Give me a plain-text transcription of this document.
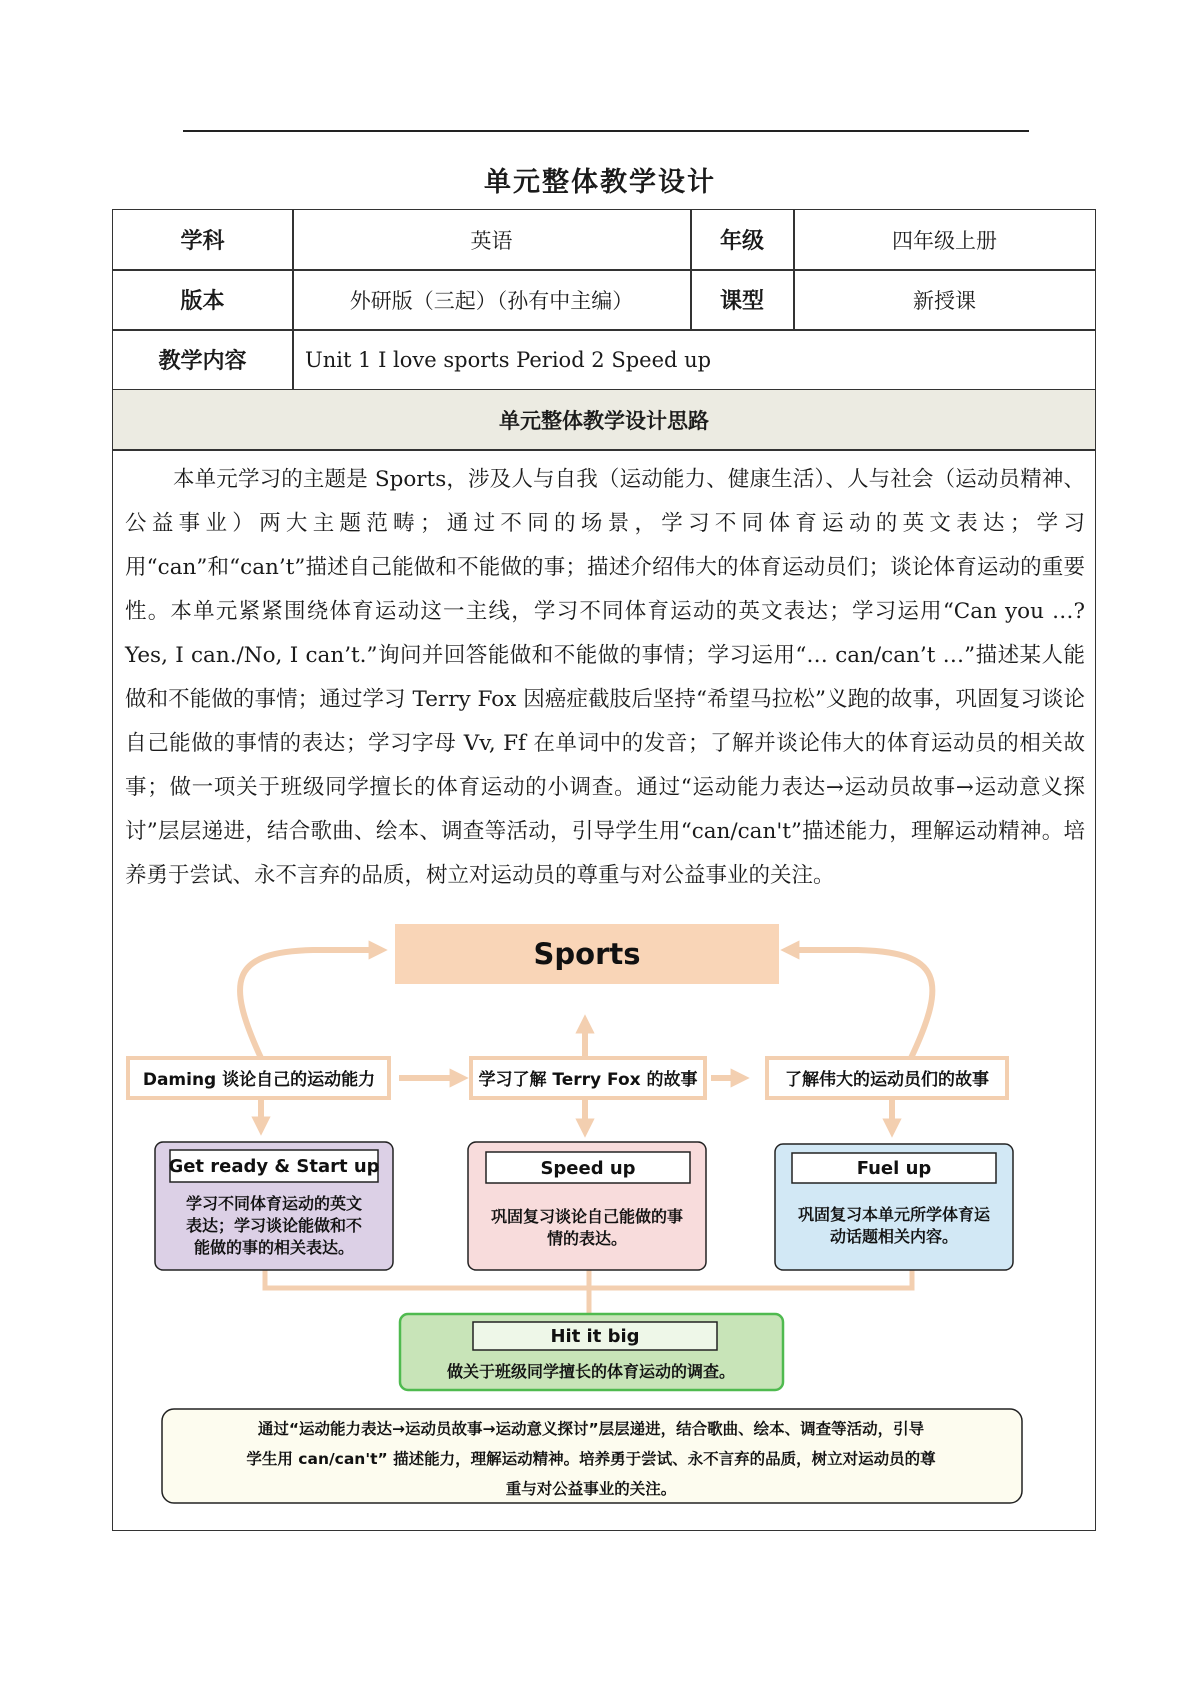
单元整体教学设计
学科	英语	年级	四年级上册
版本	外研版（三起）（孙有中主编）	课型	新授课
教学内容	Unit 1 I love sports Period 2 Speed up
单元整体教学设计思路
本单元学习的主题是 Sports，涉及人与自我（运动能力、健康生活）、人与社会（运动员精神、公益事业）两大主题范畴；通过不同的场景，学习不同体育运动的英文表达；学习用“can”和“can’t”描述自己能做和不能做的事；描述介绍伟大的体育运动员们；谈论体育运动的重要性。本单元紧紧围绕体育运动这一主线，学习不同体育运动的英文表达；学习运用“Can you …? Yes, I can./No, I can’t.”询问并回答能做和不能做的事情；学习运用“… can/can’t …”描述某人能做和不能做的事情；通过学习 Terry Fox 因癌症截肢后坚持“希望马拉松”义跑的故事，巩固复习谈论自己能做的事情的表达；学习字母 Vv, Ff 在单词中的发音；了解并谈论伟大的体育运动员的相关故事；做一项关于班级同学擅长的体育运动的小调查。通过“运动能力表达→运动员故事→运动意义探讨”层层递进，结合歌曲、绘本、调查等活动，引导学生用“can/can't”描述能力，理解运动精神。培养勇于尝试、永不言弃的品质，树立对运动员的尊重与对公益事业的关注。
Sports
Daming 谈论自己的运动能力	学习了解 Terry Fox 的故事	了解伟大的运动员们的故事
Get ready & Start up
学习不同体育运动的英文
表达；学习谈论能做和不
能做的事的相关表达。
Speed up
巩固复习谈论自己能做的事
情的表达。
Fuel up
巩固复习本单元所学体育运
动话题相关内容。
Hit it big
做关于班级同学擅长的体育运动的调查。
通过“运动能力表达→运动员故事→运动意义探讨”层层递进，结合歌曲、绘本、调查等活动，引导
学生用 can/can't” 描述能力，理解运动精神。培养勇于尝试、永不言弃的品质，树立对运动员的尊
重与对公益事业的关注。
